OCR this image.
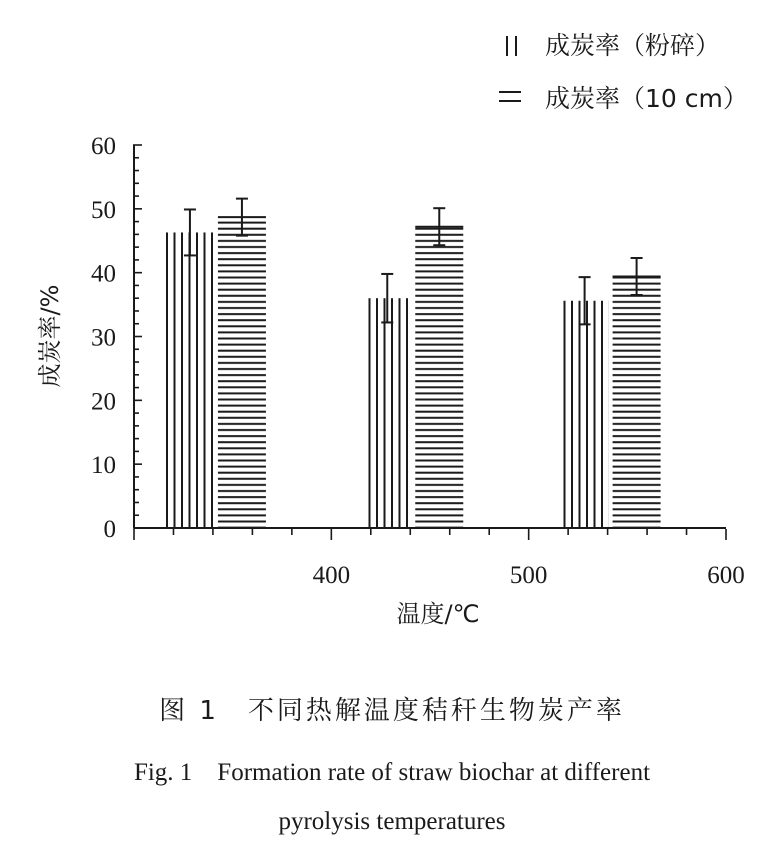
0
10
20
30
40
50
60
400	500	600
成炭率（粉碎）
成炭率（10 cm）
成炭率/%
温度/℃
图 1　不同热解温度秸秆生物炭产率
Fig. 1　Formation rate of straw biochar at different
pyrolysis temperatures
